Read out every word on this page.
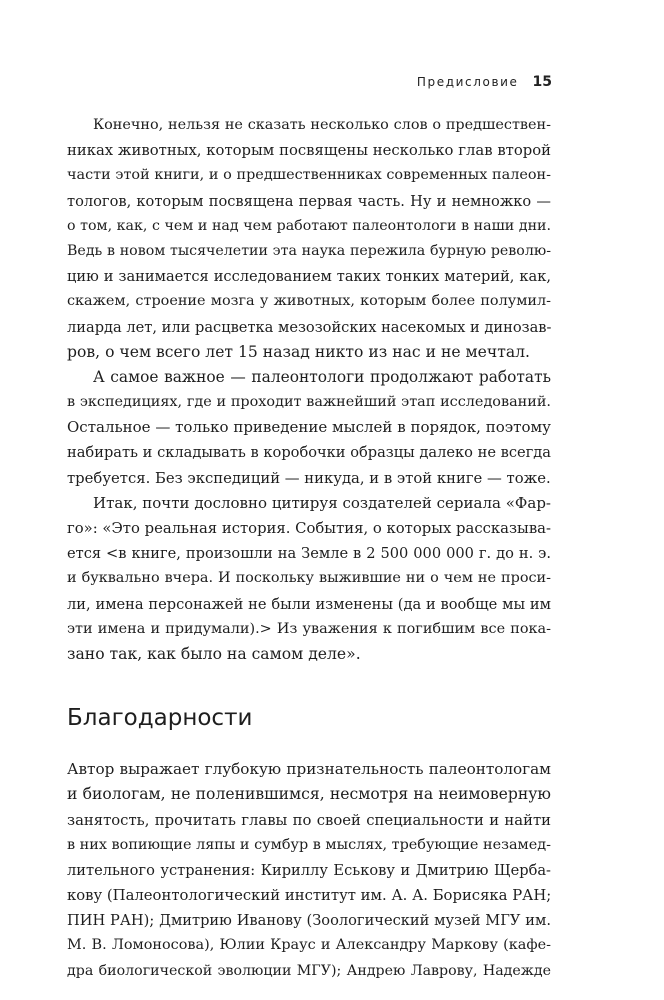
Предисловие 15
Конечно, нельзя не сказать несколько слов о предшествен-
никах животных, которым посвящены несколько глав второй
части этой книги, и о предшественниках современных палеон-
тологов, которым посвящена первая часть. Ну и немножко —
о том, как, с чем и над чем работают палеонтологи в наши дни.
Ведь в новом тысячелетии эта наука пережила бурную револю-
цию и занимается исследованием таких тонких материй, как,
скажем, строение мозга у животных, которым более полумил-
лиарда лет, или расцветка мезозойских насекомых и динозав-
ров, о чем всего лет 15 назад никто из нас и не мечтал.
А самое важное — палеонтологи продолжают работать
в экспедициях, где и проходит важнейший этап исследований.
Остальное — только приведение мыслей в порядок, поэтому
набирать и складывать в коробочки образцы далеко не всегда
требуется. Без экспедиций — никуда, и в этой книге — тоже.
Итак, почти дословно цитируя создателей сериала «Фар-
го»: «Это реальная история. События, о которых рассказыва-
ется <в книге, произошли на Земле в 2 500 000 000 г. до н. э.
и буквально вчера. И поскольку выжившие ни о чем не проси-
ли, имена персонажей не были изменены (да и вообще мы им
эти имена и придумали).> Из уважения к погибшим все пока-
зано так, как было на самом деле».
Благодарности
Автор выражает глубокую признательность палеонтологам
и биологам, не поленившимся, несмотря на неимоверную
занятость, прочитать главы по своей специальности и найти
в них вопиющие ляпы и сумбур в мыслях, требующие незамед-
лительного устранения: Кириллу Еськову и Дмитрию Щерба-
кову (Палеонтологический институт им. А. А. Борисяка РАН;
ПИН РАН); Дмитрию Иванову (Зоологический музей МГУ им.
М. В. Ломоносова), Юлии Краус и Александру Маркову (кафе-
дра биологической эволюции МГУ); Андрею Лаврову, Надежде
